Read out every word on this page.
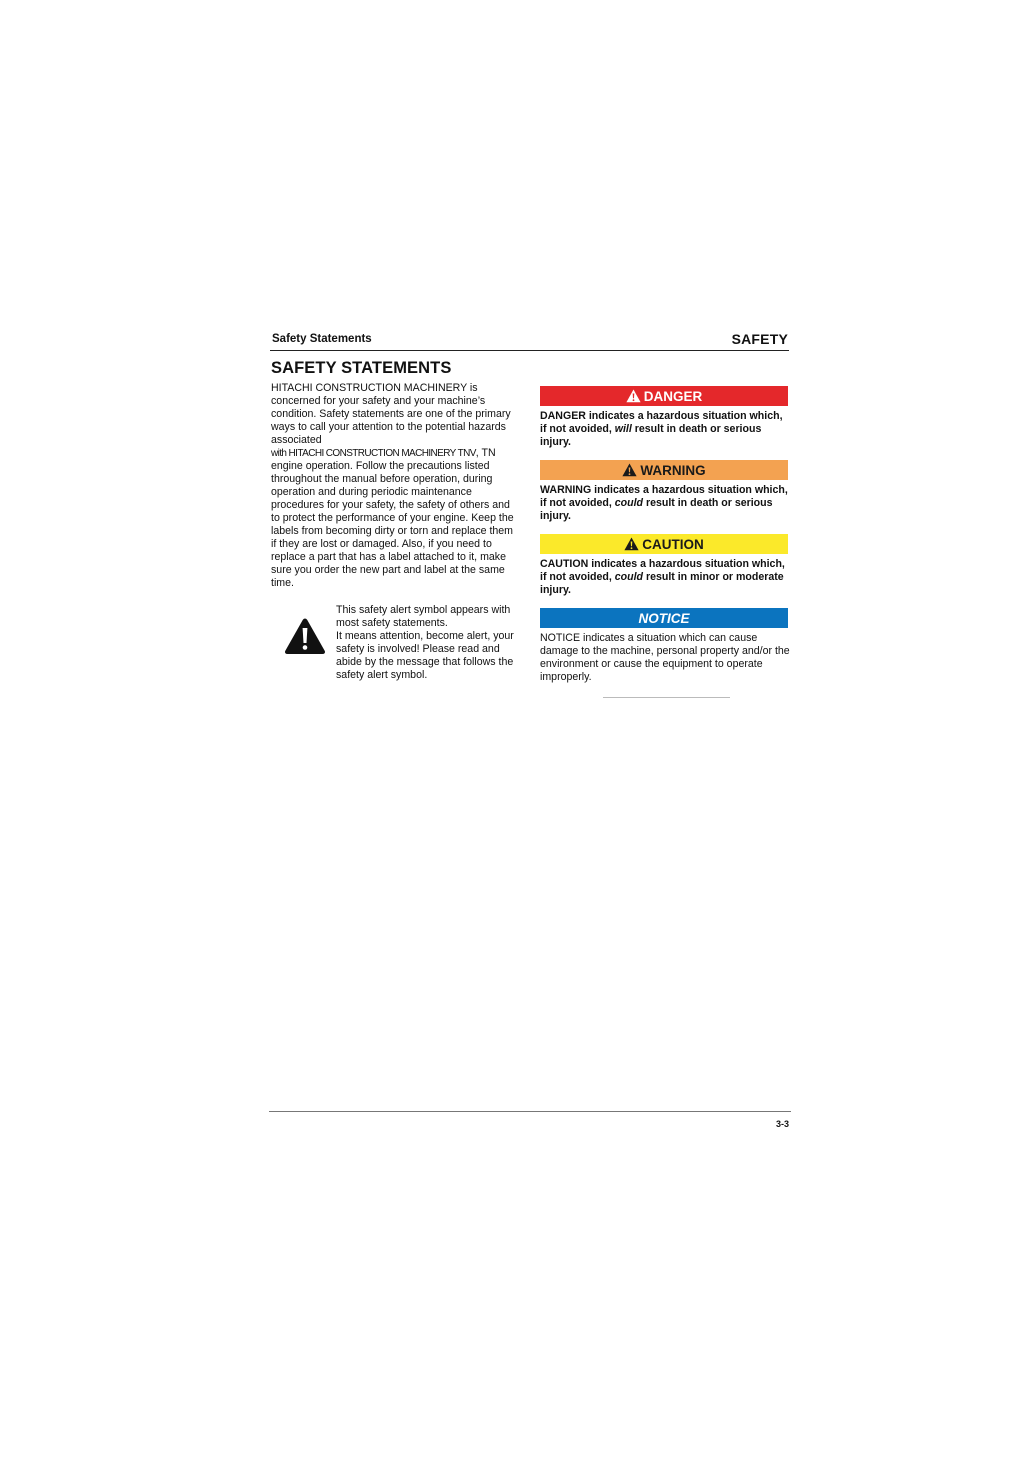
Safety Statements	SAFETY
SAFETY STATEMENTS
HITACHI CONSTRUCTION MACHINERY is concerned for your safety and your machine’s condition. Safety statements are one of the primary ways to call your attention to the potential hazards associated with HITACHI CONSTRUCTION MACHINERY TNV, TN engine operation. Follow the precautions listed throughout the manual before operation, during operation and during periodic maintenance procedures for your safety, the safety of others and to protect the performance of your engine. Keep the labels from becoming dirty or torn and replace them if they are lost or damaged. Also, if you need to replace a part that has a label attached to it, make sure you order the new part and label at the same time.
This safety alert symbol appears with most safety statements.
It means attention, become alert, your safety is involved! Please read and abide by the message that follows the safety alert symbol.
DANGER
DANGER indicates a hazardous situation which, if not avoided, will result in death or serious injury.
WARNING
WARNING indicates a hazardous situation which, if not avoided, could result in death or serious injury.
CAUTION
CAUTION indicates a hazardous situation which, if not avoided, could result in minor or moderate injury.
NOTICE
NOTICE indicates a situation which can cause damage to the machine, personal property and/or the environment or cause the equipment to operate improperly.
3-3
